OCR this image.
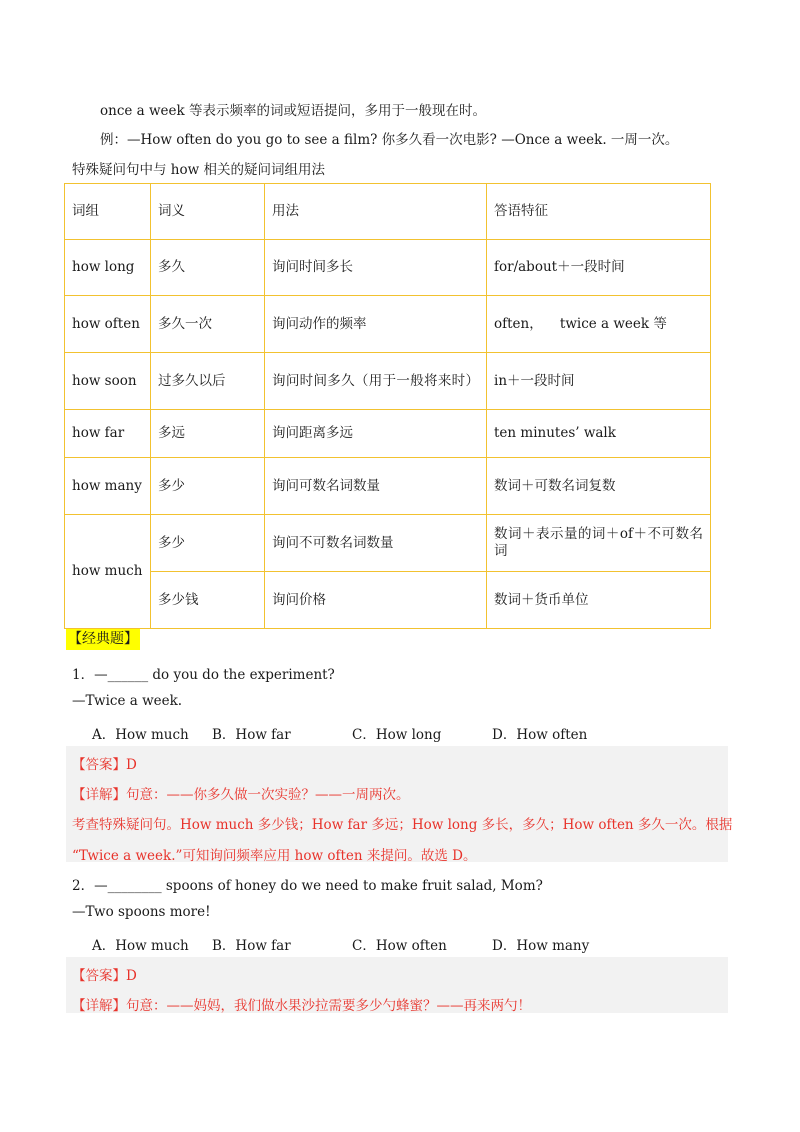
once a week 等表示频率的词或短语提问，多用于一般现在时。
例：—How often do you go to see a film? 你多久看一次电影? —Once a week. 一周一次。
特殊疑问句中与 how 相关的疑问词组用法
词组	词义	用法	答语特征
how long	多久	询问时间多长	for/about＋一段时间
how often	多久一次	询问动作的频率	often，    twice a week 等
how soon	过多久以后	询问时间多久（用于一般将来时）	in＋一段时间
how far	多远	询问距离多远	ten minutes’ walk
how many	多少	询问可数名词数量	数词＋可数名词复数
how much	多少	询问不可数名词数量	数词＋表示量的词＋of＋不可数名词
	多少钱	询问价格	数词＋货币单位
【经典题】
1．—______ do you do the experiment?
—Twice a week.
A．How much B．How far	C．How long	D．How often
【答案】D
【详解】句意：——你多久做一次实验？——一周两次。
考查特殊疑问句。How much 多少钱；How far 多远；How long 多长，多久；How often 多久一次。根据
“Twice a week.”可知询问频率应用 how often 来提问。故选 D。
2．—________ spoons of honey do we need to make fruit salad, Mom?
—Two spoons more!
A．How much B．How far	C．How often	D．How many
【答案】D
【详解】句意：——妈妈，我们做水果沙拉需要多少勺蜂蜜？——再来两勺！
